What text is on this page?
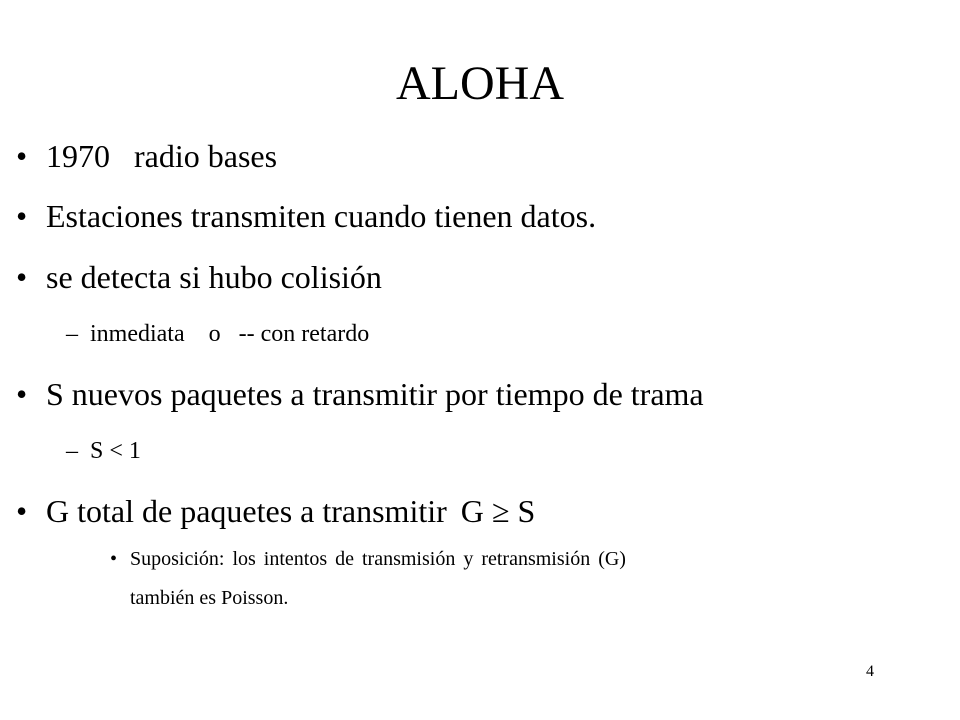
ALOHA
• 1970 radio bases
• Estaciones transmiten cuando tienen datos.
• se detecta si hubo colisión
– inmediata o -- con retardo
• S nuevos paquetes a transmitir por tiempo de trama
– S < 1
• G total de paquetes a transmitir G ≥ S
• Suposición: los intentos de transmisión y retransmisión (G)
también es Poisson.
4
